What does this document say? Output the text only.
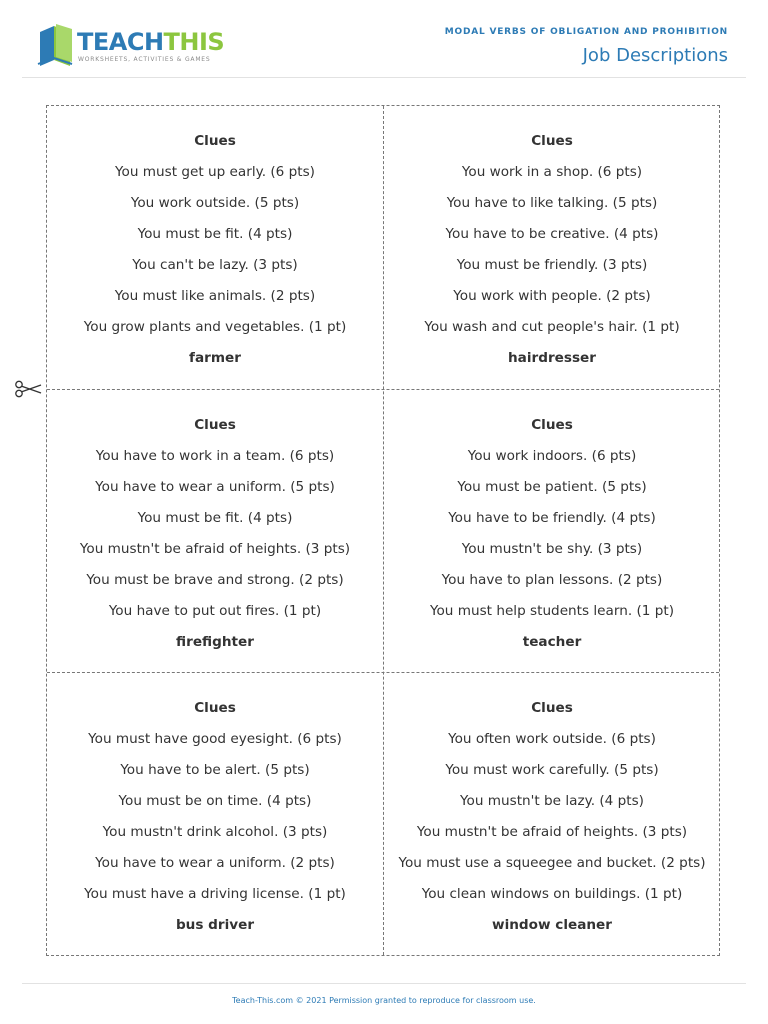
TEACHTHIS
WORKSHEETS, ACTIVITIES & GAMES
MODAL VERBS OF OBLIGATION AND PROHIBITION
Job Descriptions
Clues
You must get up early. (6 pts)
You work outside. (5 pts)
You must be fit. (4 pts)
You can't be lazy. (3 pts)
You must like animals. (2 pts)
You grow plants and vegetables. (1 pt)
farmer
Clues
You work in a shop. (6 pts)
You have to like talking. (5 pts)
You have to be creative. (4 pts)
You must be friendly. (3 pts)
You work with people. (2 pts)
You wash and cut people's hair. (1 pt)
hairdresser
Clues
You have to work in a team. (6 pts)
You have to wear a uniform. (5 pts)
You must be fit. (4 pts)
You mustn't be afraid of heights. (3 pts)
You must be brave and strong. (2 pts)
You have to put out fires. (1 pt)
firefighter
Clues
You work indoors. (6 pts)
You must be patient. (5 pts)
You have to be friendly. (4 pts)
You mustn't be shy. (3 pts)
You have to plan lessons. (2 pts)
You must help students learn. (1 pt)
teacher
Clues
You must have good eyesight. (6 pts)
You have to be alert. (5 pts)
You must be on time. (4 pts)
You mustn't drink alcohol. (3 pts)
You have to wear a uniform. (2 pts)
You must have a driving license. (1 pt)
bus driver
Clues
You often work outside. (6 pts)
You must work carefully. (5 pts)
You mustn't be lazy. (4 pts)
You mustn't be afraid of heights. (3 pts)
You must use a squeegee and bucket. (2 pts)
You clean windows on buildings. (1 pt)
window cleaner
Teach-This.com © 2021 Permission granted to reproduce for classroom use.
